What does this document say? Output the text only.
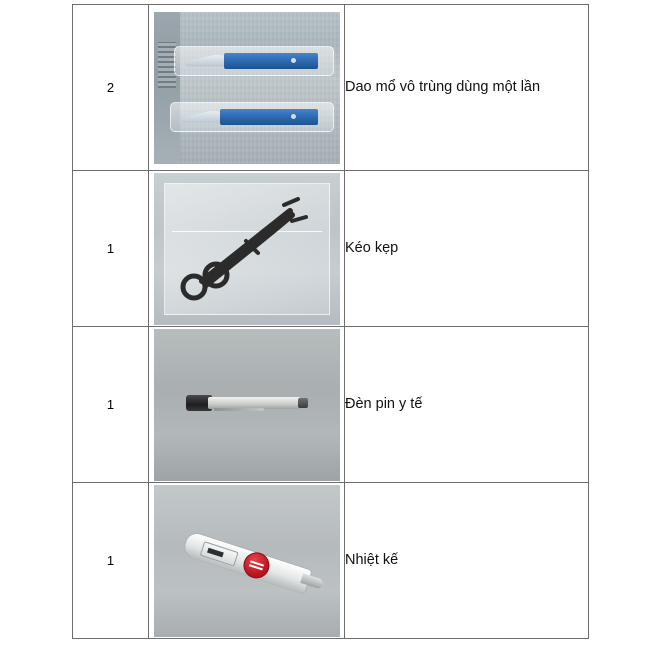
2		Dao mổ vô trùng dùng một lần
1		Kéo kẹp
1		Đèn pin y tế
1		Nhiệt kế
